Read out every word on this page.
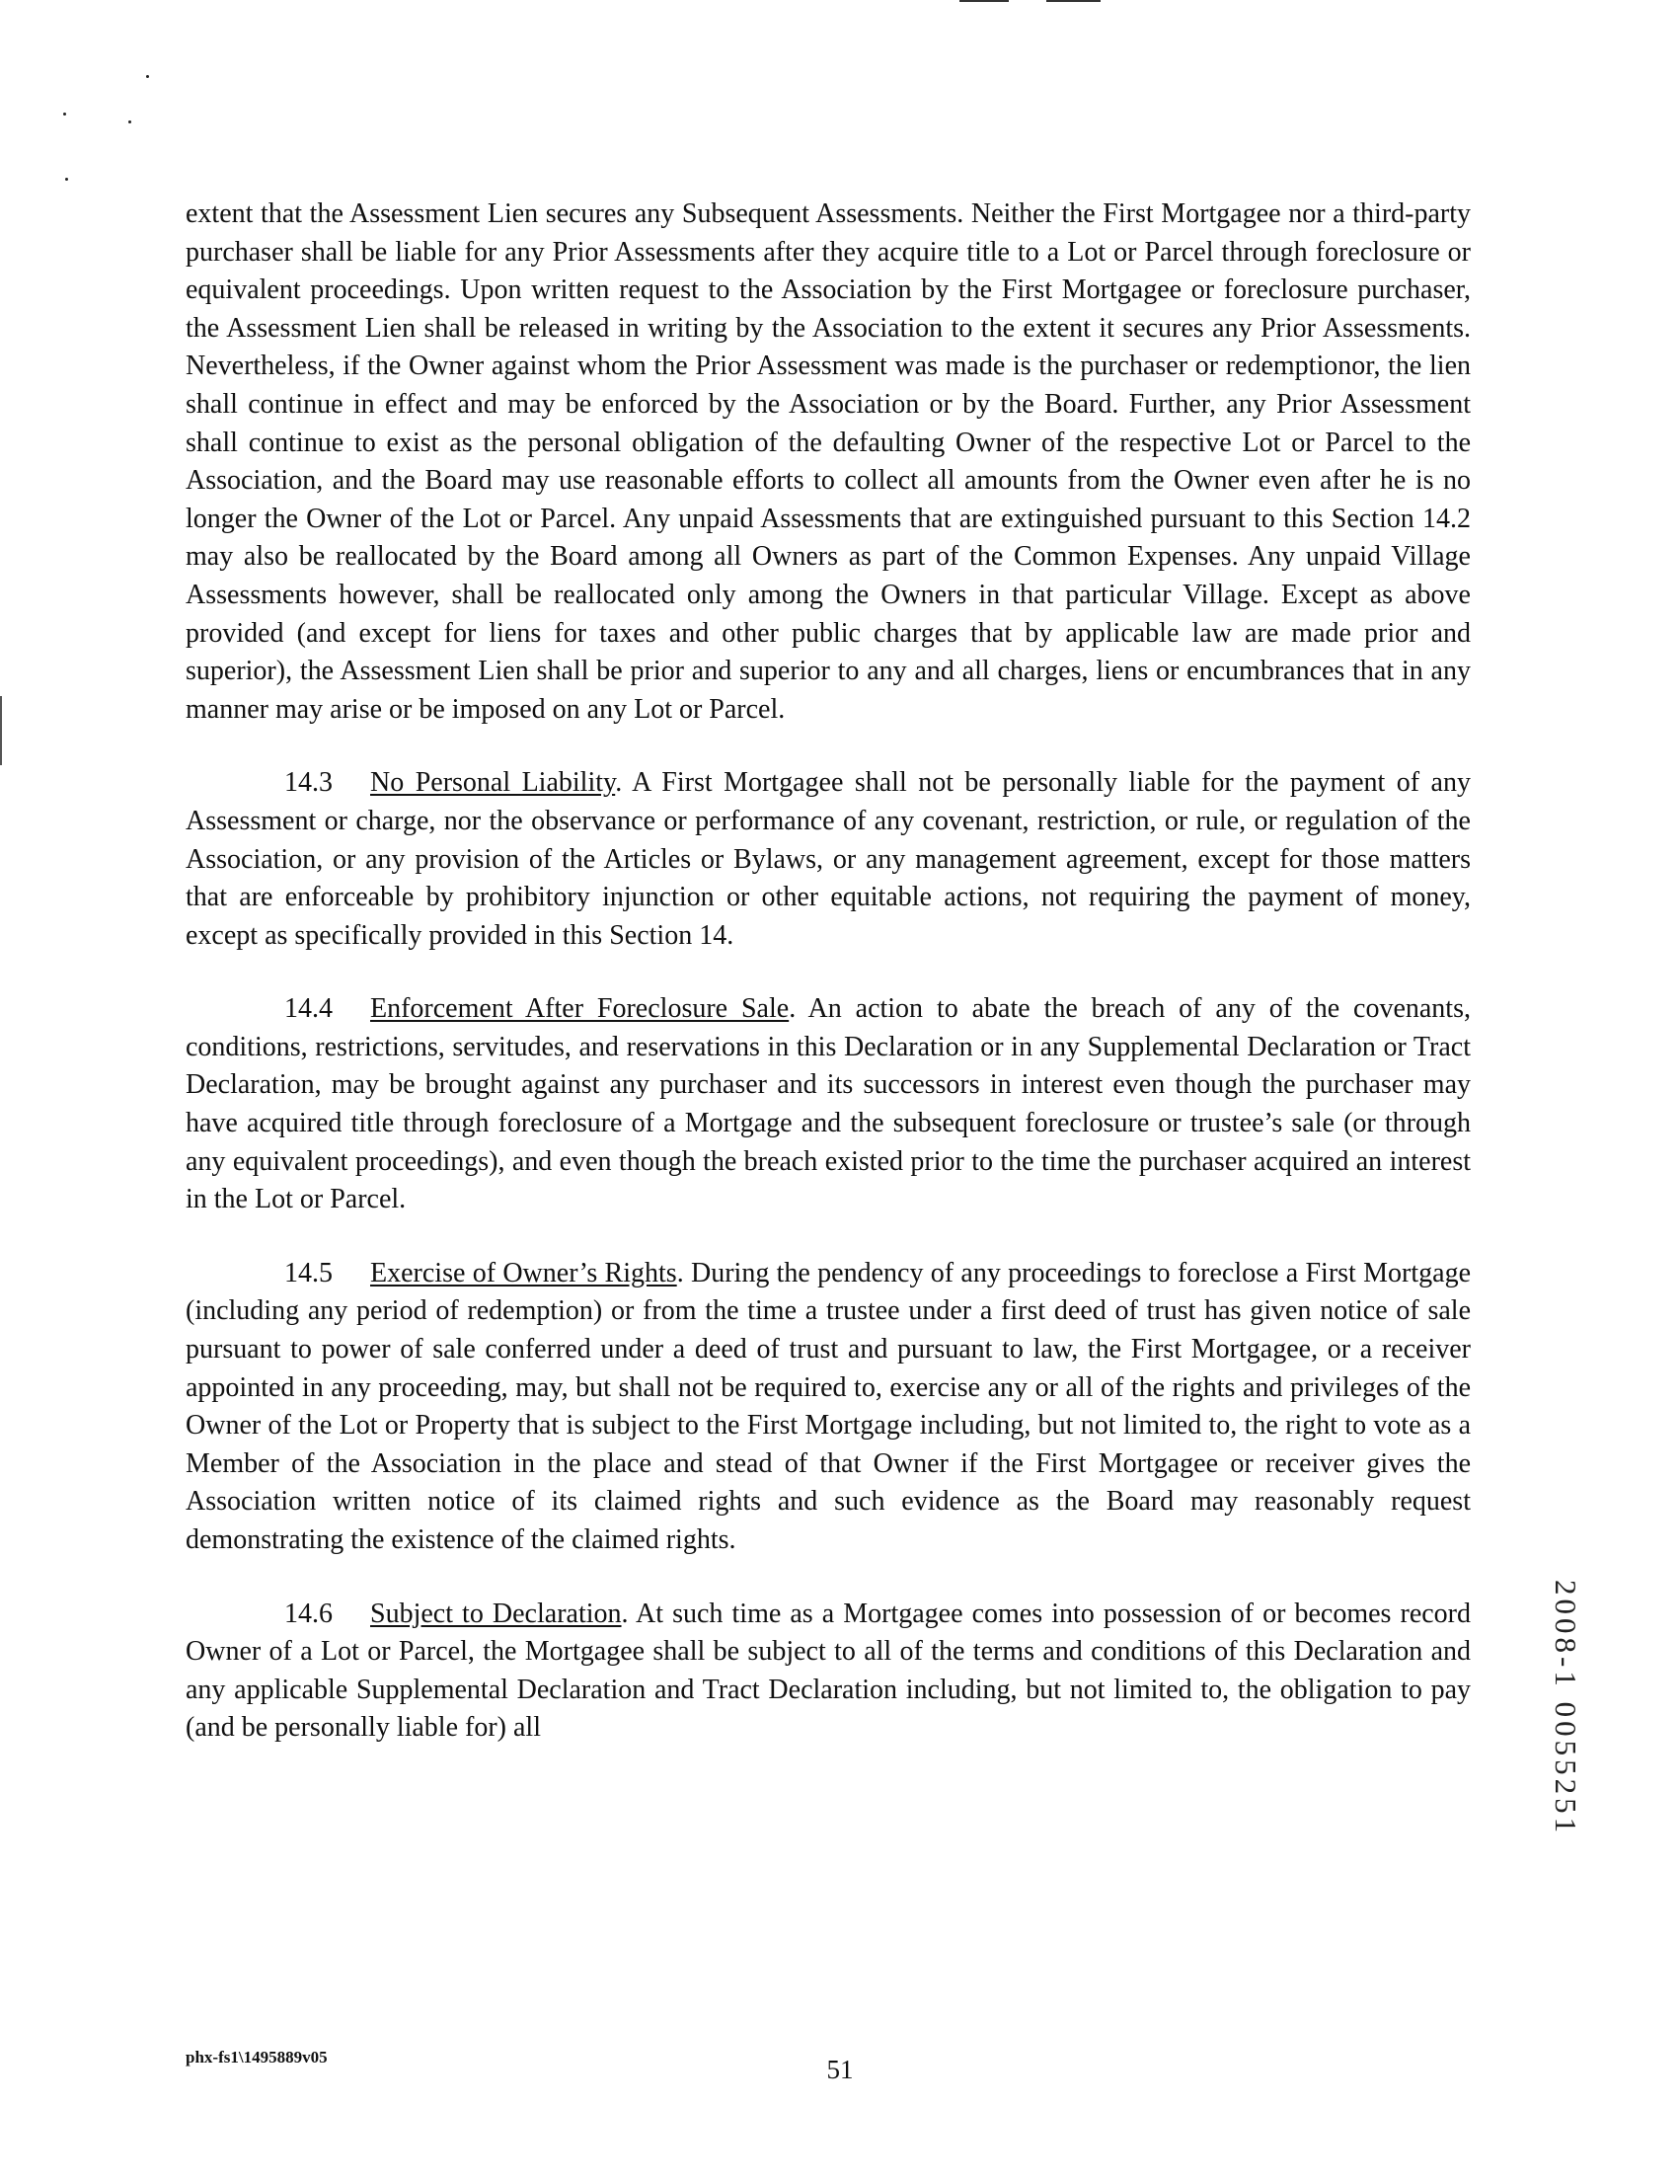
extent that the Assessment Lien secures any Subsequent Assessments. Neither the First Mortgagee nor a third-party purchaser shall be liable for any Prior Assessments after they acquire title to a Lot or Parcel through foreclosure or equivalent proceedings. Upon written request to the Association by the First Mortgagee or foreclosure purchaser, the Assessment Lien shall be released in writing by the Association to the extent it secures any Prior Assessments. Nevertheless, if the Owner against whom the Prior Assessment was made is the purchaser or redemptionor, the lien shall continue in effect and may be enforced by the Association or by the Board. Further, any Prior Assessment shall continue to exist as the personal obligation of the defaulting Owner of the respective Lot or Parcel to the Association, and the Board may use reasonable efforts to collect all amounts from the Owner even after he is no longer the Owner of the Lot or Parcel. Any unpaid Assessments that are extinguished pursuant to this Section 14.2 may also be reallocated by the Board among all Owners as part of the Common Expenses. Any unpaid Village Assessments however, shall be reallocated only among the Owners in that particular Village. Except as above provided (and except for liens for taxes and other public charges that by applicable law are made prior and superior), the Assessment Lien shall be prior and superior to any and all charges, liens or encumbrances that in any manner may arise or be imposed on any Lot or Parcel.

14.3 No Personal Liability. A First Mortgagee shall not be personally liable for the payment of any Assessment or charge, nor the observance or performance of any covenant, restriction, or rule, or regulation of the Association, or any provision of the Articles or Bylaws, or any management agreement, except for those matters that are enforceable by prohibitory injunction or other equitable actions, not requiring the payment of money, except as specifically provided in this Section 14.

14.4 Enforcement After Foreclosure Sale. An action to abate the breach of any of the covenants, conditions, restrictions, servitudes, and reservations in this Declaration or in any Supplemental Declaration or Tract Declaration, may be brought against any purchaser and its successors in interest even though the purchaser may have acquired title through foreclosure of a Mortgage and the subsequent foreclosure or trustee’s sale (or through any equivalent proceedings), and even though the breach existed prior to the time the purchaser acquired an interest in the Lot or Parcel.

14.5 Exercise of Owner’s Rights. During the pendency of any proceedings to foreclose a First Mortgage (including any period of redemption) or from the time a trustee under a first deed of trust has given notice of sale pursuant to power of sale conferred under a deed of trust and pursuant to law, the First Mortgagee, or a receiver appointed in any proceeding, may, but shall not be required to, exercise any or all of the rights and privileges of the Owner of the Lot or Property that is subject to the First Mortgage including, but not limited to, the right to vote as a Member of the Association in the place and stead of that Owner if the First Mortgagee or receiver gives the Association written notice of its claimed rights and such evidence as the Board may reasonably request demonstrating the existence of the claimed rights.

14.6 Subject to Declaration. At such time as a Mortgagee comes into possession of or becomes record Owner of a Lot or Parcel, the Mortgagee shall be subject to all of the terms and conditions of this Declaration and any applicable Supplemental Declaration and Tract Declaration including, but not limited to, the obligation to pay (and be personally liable for) all	2008-1 0055251
phx-fs1\1495889v05	51
